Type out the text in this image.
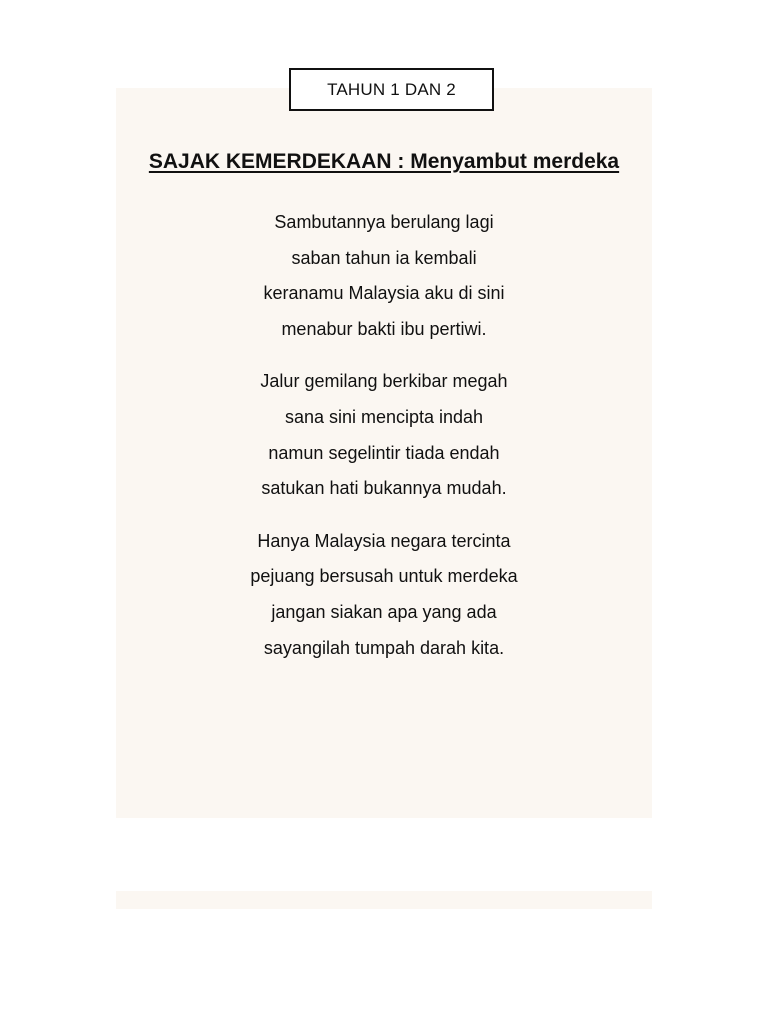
TAHUN 1 DAN 2
SAJAK KEMERDEKAAN : Menyambut merdeka
Sambutannya berulang lagi
saban tahun ia kembali
keranamu Malaysia aku di sini
menabur bakti ibu pertiwi.
Jalur gemilang berkibar megah
sana sini mencipta indah
namun segelintir tiada endah
satukan hati bukannya mudah.
Hanya Malaysia negara tercinta
pejuang bersusah untuk merdeka
jangan siakan apa yang ada
sayangilah tumpah darah kita.
